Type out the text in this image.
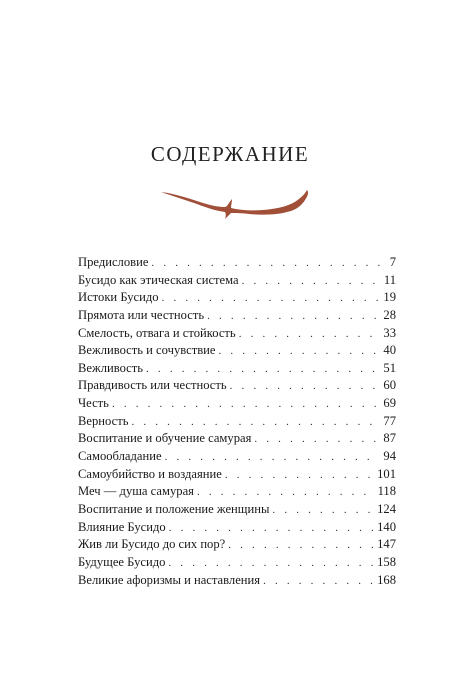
СОДЕРЖАНИЕ
Предисловие . . .	7
Бусидо как этическая система . . .	11
Истоки Бусидо . . .	19
Прямота или честность . . .	28
Смелость, отвага и стойкость . . .	33
Вежливость и сочувствие . . .	40
Вежливость . . .	51
Правдивость или честность . . .	60
Честь . . .	69
Верность . . .	77
Воспитание и обучение самурая . . .	87
Самообладание . . .	94
Самоубийство и воздаяние . . .	101
Меч — душа самурая . . .	118
Воспитание и положение женщины . . .	124
Влияние Бусидо . . .	140
Жив ли Бусидо до сих пор? . . .	147
Будущее Бусидо . . .	158
Великие афоризмы и наставления . . .	168
